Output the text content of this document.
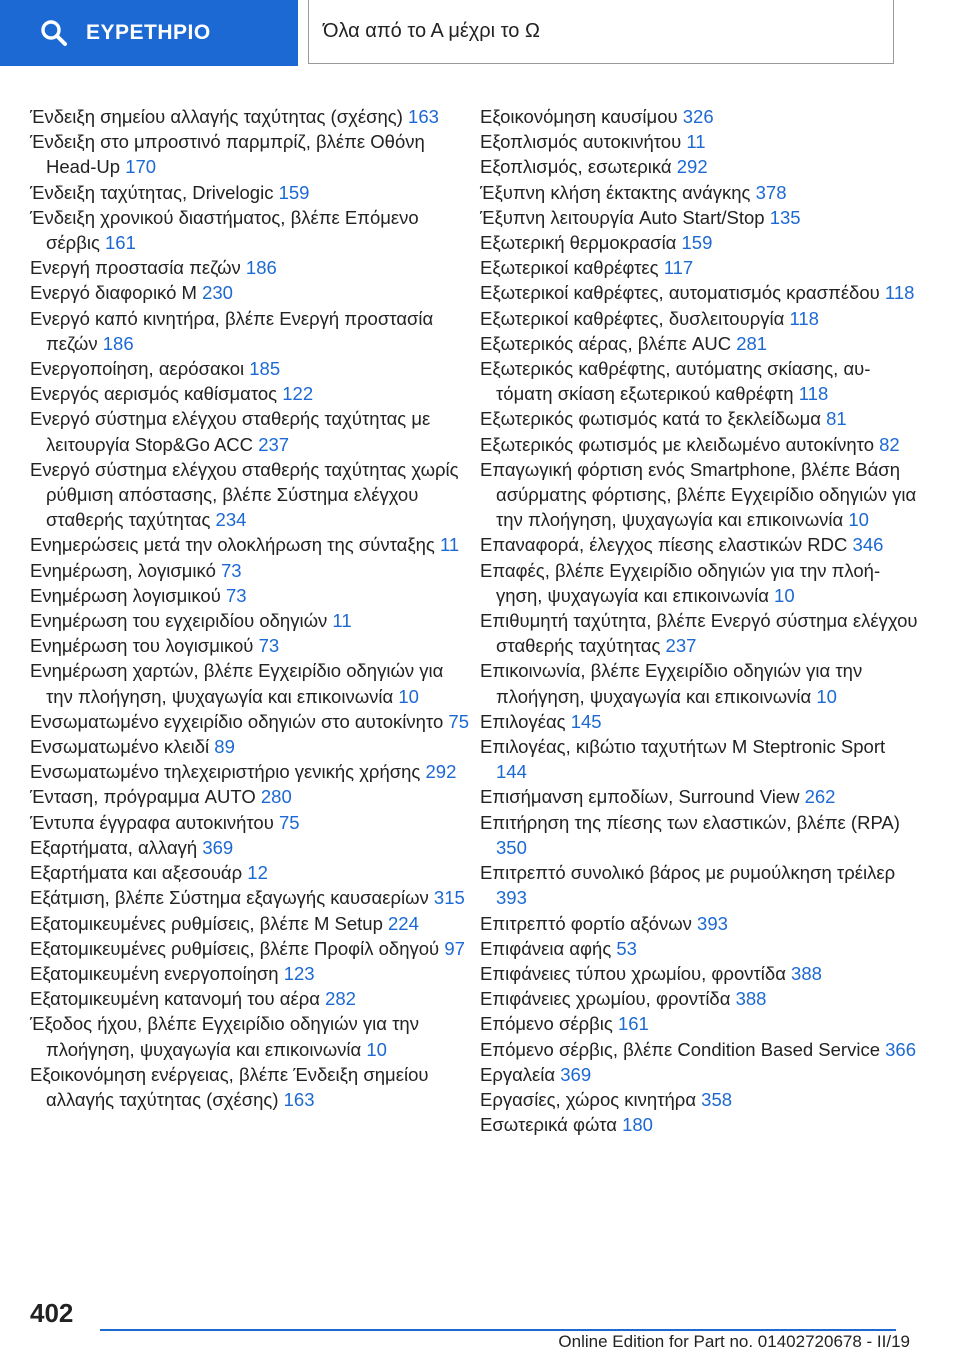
ΕΥΡΕΤΗΡΙΟ	Όλα από το Α μέχρι το Ω
Ένδειξη σημείου αλλαγής ταχύτητας (σχέσης) 163
Ένδειξη στο μπροστινό παρμπρίζ, βλέπε Οθόνη Head-Up 170
Ένδειξη ταχύτητας, Drivelogic 159
Ένδειξη χρονικού διαστήματος, βλέπε Επόμενο σέρβις 161
Ενεργή προστασία πεζών 186
Ενεργό διαφορικό M 230
Ενεργό καπό κινητήρα, βλέπε Ενεργή προστασία πεζών 186
Ενεργοποίηση, αερόσακοι 185
Ενεργός αερισμός καθίσματος 122
Ενεργό σύστημα ελέγχου σταθερής ταχύτητας με λειτουργία Stop&Go ACC 237
Ενεργό σύστημα ελέγχου σταθερής ταχύτητας χωρίς ρύθμιση απόστασης, βλέπε Σύστημα ελέγχου σταθερής ταχύτητας 234
Ενημερώσεις μετά την ολοκλήρωση της σύνταξης 11
Ενημέρωση, λογισμικό 73
Ενημέρωση λογισμικού 73
Ενημέρωση του εγχειριδίου οδηγιών 11
Ενημέρωση του λογισμικού 73
Ενημέρωση χαρτών, βλέπε Εγχειρίδιο οδηγιών για την πλοήγηση, ψυχαγωγία και επικοινωνία 10
Ενσωματωμένο εγχειρίδιο οδηγιών στο αυτοκίνητο 75
Ενσωματωμένο κλειδί 89
Ενσωματωμένο τηλεχειριστήριο γενικής χρήσης 292
Ένταση, πρόγραμμα AUTO 280
Έντυπα έγγραφα αυτοκινήτου 75
Εξαρτήματα, αλλαγή 369
Εξαρτήματα και αξεσουάρ 12
Εξάτμιση, βλέπε Σύστημα εξαγωγής καυσαερίων 315
Εξατομικευμένες ρυθμίσεις, βλέπε M Setup 224
Εξατομικευμένες ρυθμίσεις, βλέπε Προφίλ οδηγού 97
Εξατομικευμένη ενεργοποίηση 123
Εξατομικευμένη κατανομή του αέρα 282
Έξοδος ήχου, βλέπε Εγχειρίδιο οδηγιών για την πλοήγηση, ψυχαγωγία και επικοινωνία 10
Εξοικονόμηση ενέργειας, βλέπε Ένδειξη σημείου αλλαγής ταχύτητας (σχέσης) 163
Εξοικονόμηση καυσίμου 326
Εξοπλισμός αυτοκινήτου 11
Εξοπλισμός, εσωτερικά 292
Έξυπνη κλήση έκτακτης ανάγκης 378
Έξυπνη λειτουργία Auto Start/Stop 135
Εξωτερική θερμοκρασία 159
Εξωτερικοί καθρέφτες 117
Εξωτερικοί καθρέφτες, αυτοματισμός κρασπέδου 118
Εξωτερικοί καθρέφτες, δυσλειτουργία 118
Εξωτερικός αέρας, βλέπε AUC 281
Εξωτερικός καθρέφτης, αυτόματης σκίασης, αυτόματη σκίαση εξωτερικού καθρέφτη 118
Εξωτερικός φωτισμός κατά το ξεκλείδωμα 81
Εξωτερικός φωτισμός με κλειδωμένο αυτοκίνητο 82
Επαγωγική φόρτιση ενός Smartphone, βλέπε Βάση ασύρματης φόρτισης, βλέπε Εγχειρίδιο οδηγιών για την πλοήγηση, ψυχαγωγία και επικοινωνία 10
Επαναφορά, έλεγχος πίεσης ελαστικών RDC 346
Επαφές, βλέπε Εγχειρίδιο οδηγιών για την πλοήγηση, ψυχαγωγία και επικοινωνία 10
Επιθυμητή ταχύτητα, βλέπε Ενεργό σύστημα ελέγχου σταθερής ταχύτητας 237
Επικοινωνία, βλέπε Εγχειρίδιο οδηγιών για την πλοήγηση, ψυχαγωγία και επικοινωνία 10
Επιλογέας 145
Επιλογέας, κιβώτιο ταχυτήτων M Steptronic Sport 144
Επισήμανση εμποδίων, Surround View 262
Επιτήρηση της πίεσης των ελαστικών, βλέπε (RPA) 350
Επιτρεπτό συνολικό βάρος με ρυμούλκηση τρέιλερ 393
Επιτρεπτό φορτίο αξόνων 393
Επιφάνεια αφής 53
Επιφάνειες τύπου χρωμίου, φροντίδα 388
Επιφάνειες χρωμίου, φροντίδα 388
Επόμενο σέρβις 161
Επόμενο σέρβις, βλέπε Condition Based Service 366
Εργαλεία 369
Εργασίες, χώρος κινητήρα 358
Εσωτερικά φώτα 180
402
Online Edition for Part no. 01402720678 - II/19
